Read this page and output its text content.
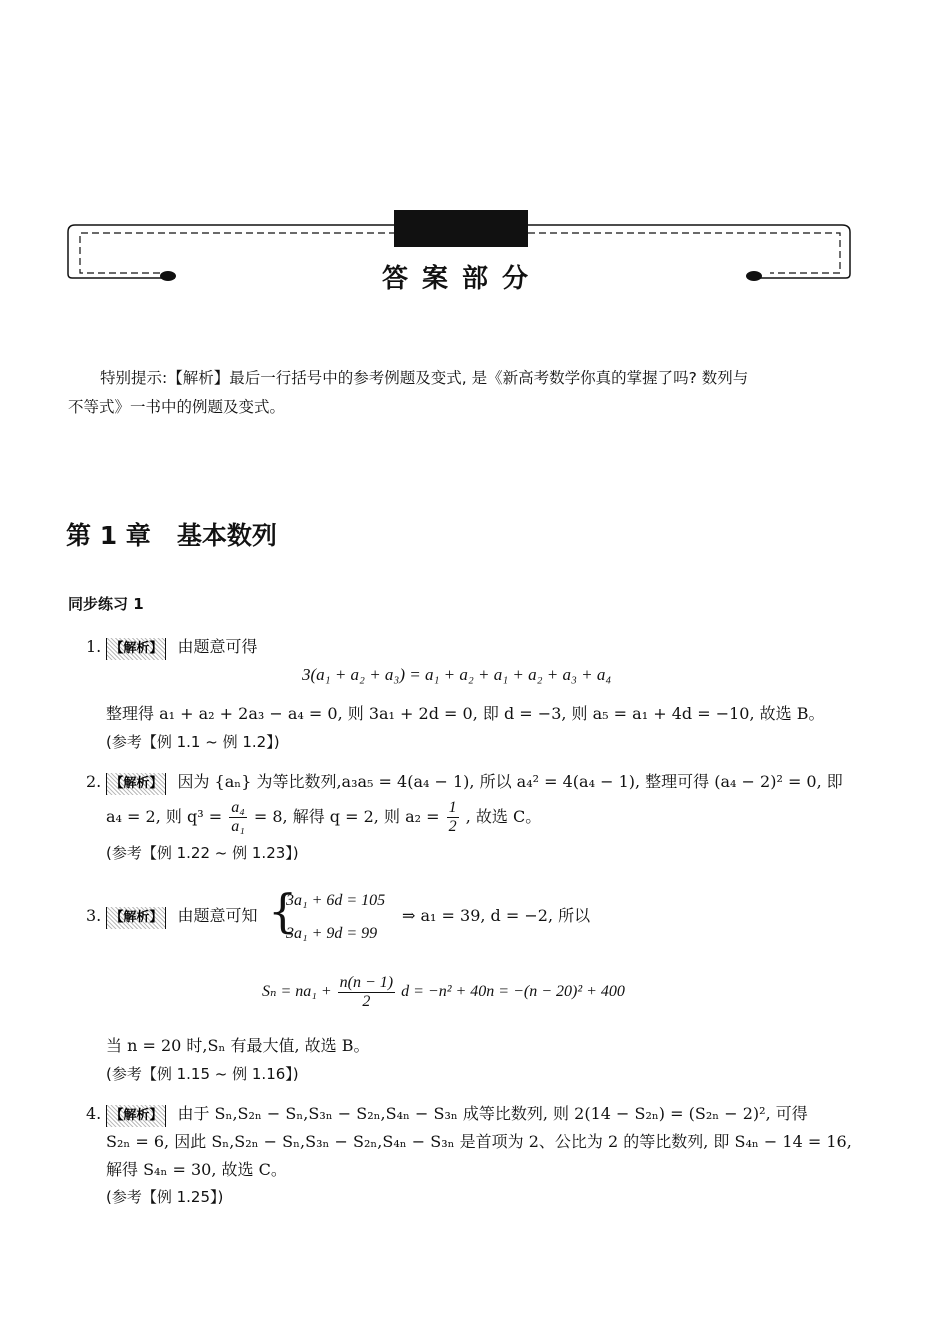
答案部分
特别提示:【解析】最后一行括号中的参考例题及变式, 是《新高考数学你真的掌握了吗? 数列与
不等式》一书中的例题及变式。
第 1 章   基本数列
同步练习 1
1. 【解析】 由题意可得
3(a₁ + a₂ + a₃) = a₁ + a₂ + a₁ + a₂ + a₃ + a₄
整理得 a₁ + a₂ + 2a₃ − a₄ = 0, 则 3a₁ + 2d = 0, 即 d = −3, 则 a₅ = a₁ + 4d = −10, 故选 B。
(参考【例 1.1 ~ 例 1.2】)
2. 【解析】 因为 {aₙ} 为等比数列,a₃a₅ = 4(a₄ − 1), 所以 a₄² = 4(a₄ − 1), 整理可得 (a₄ − 2)² = 0, 即
a₄ = 2, 则 $q^3 = \frac{\text{a₄}}{\text{a₁}} = 8$, 解得 q = 2, 则 $a_2 = \frac{1}{2}$ , 故选 C。
(参考【例 1.22 ~ 例 1.23】)
3. 【解析】 由题意可知 {
3a₁ + 6d = 105
3a₁ + 9d = 99
⇒ a₁ = 39, d = −2, 所以
$S_n = na_1 + \frac{n(n - 1)}{2}$ d = −n² + 40n = −(n − 20)² + 400
当 n = 20 时,Sₙ 有最大值, 故选 B。
(参考【例 1.15 ~ 例 1.16】)
4. 【解析】 由于 Sₙ,S₂ₙ − Sₙ,S₃ₙ − S₂ₙ,S₄ₙ − S₃ₙ 成等比数列, 则 2(14 − S₂ₙ) = (S₂ₙ − 2)², 可得
S₂ₙ = 6, 因此 Sₙ,S₂ₙ − Sₙ,S₃ₙ − S₂ₙ,S₄ₙ − S₃ₙ 是首项为 2、公比为 2 的等比数列, 即 S₄ₙ − 14 = 16,
解得 S₄ₙ = 30, 故选 C。
(参考【例 1.25】)
